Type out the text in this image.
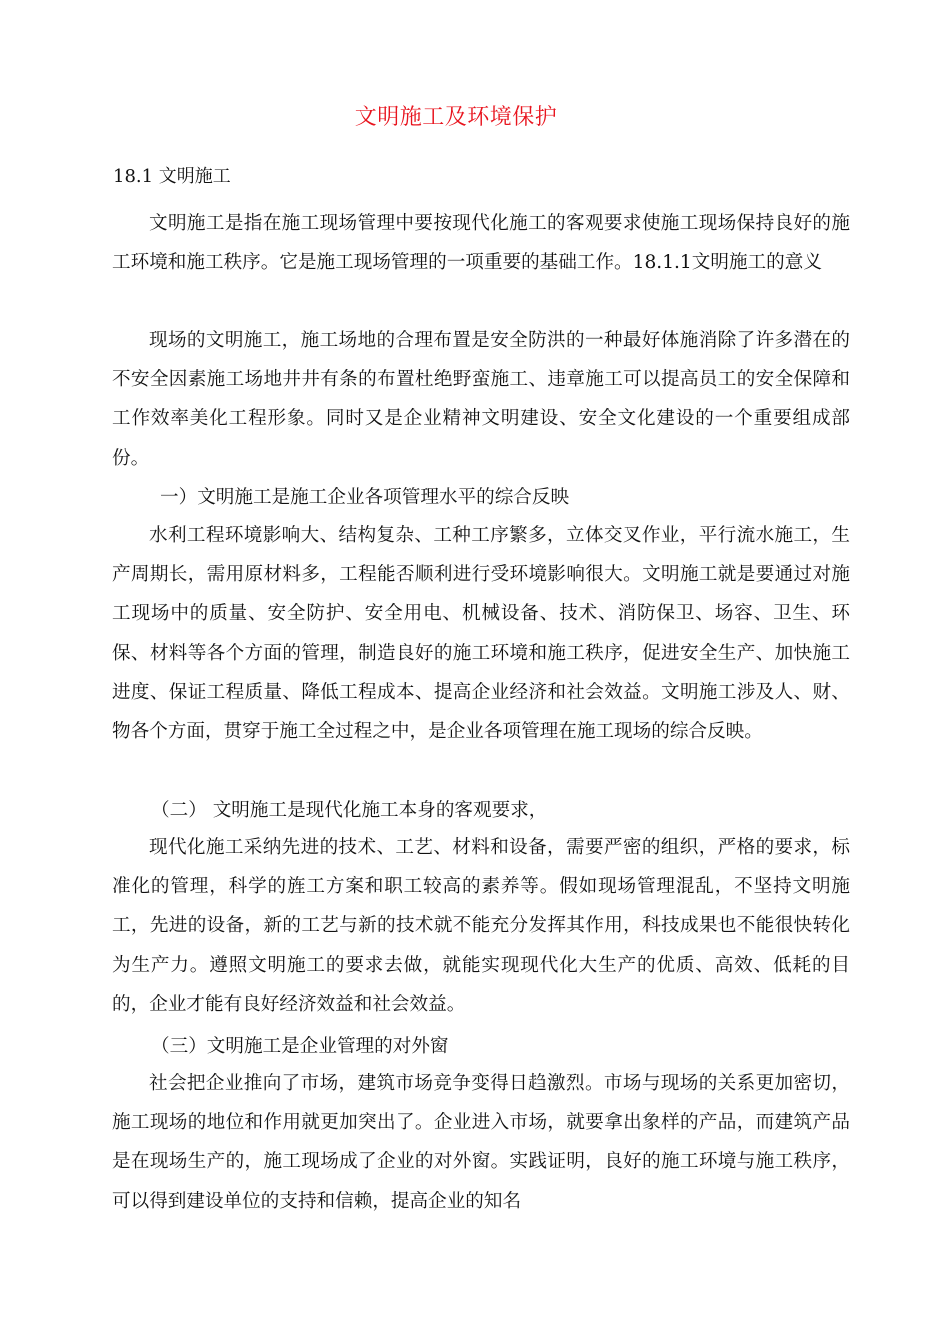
文明施工及环境保护
18.1 文明施工

文明施工是指在施工现场管理中要按现代化施工的客观要求使施工现场保持良好的施工环境和施工秩序。它是施工现场管理的一项重要的基础工作。18.1.1文明施工的意义

现场的文明施工，施工场地的合理布置是安全防洪的一种最好体施消除了许多潜在的不安全因素施工场地井井有条的布置杜绝野蛮施工、违章施工可以提高员工的安全保障和工作效率美化工程形象。同时又是企业精神文明建设、安全文化建设的一个重要组成部份。

一）文明施工是施工企业各项管理水平的综合反映

水利工程环境影响大、结构复杂、工种工序繁多，立体交叉作业，平行流水施工，生产周期长，需用原材料多，工程能否顺利进行受环境影响很大。文明施工就是要通过对施工现场中的质量、安全防护、安全用电、机械设备、技术、消防保卫、场容、卫生、环保、材料等各个方面的管理，制造良好的施工环境和施工秩序，促进安全生产、加快施工进度、保证工程质量、降低工程成本、提高企业经济和社会效益。文明施工涉及人、财、物各个方面，贯穿于施工全过程之中，是企业各项管理在施工现场的综合反映。

（二） 文明施工是现代化施工本身的客观要求，

现代化施工采纳先进的技术、工艺、材料和设备，需要严密的组织，严格的要求，标准化的管理，科学的旌工方案和职工较高的素养等。假如现场管理混乱，不坚持文明施工，先进的设备，新的工艺与新的技术就不能充分发挥其作用，科技成果也不能很快转化为生产力。遵照文明施工的要求去做，就能实现现代化大生产的优质、高效、低耗的目的，企业才能有良好经济效益和社会效益。

（三）文明施工是企业管理的对外窗

社会把企业推向了市场，建筑市场竞争变得日趋激烈。市场与现场的关系更加密切，施工现场的地位和作用就更加突出了。企业进入市场，就要拿出象样的产品，而建筑产品是在现场生产的，施工现场成了企业的对外窗。实践证明，良好的施工环境与施工秩序，可以得到建设单位的支持和信赖，提高企业的知名
